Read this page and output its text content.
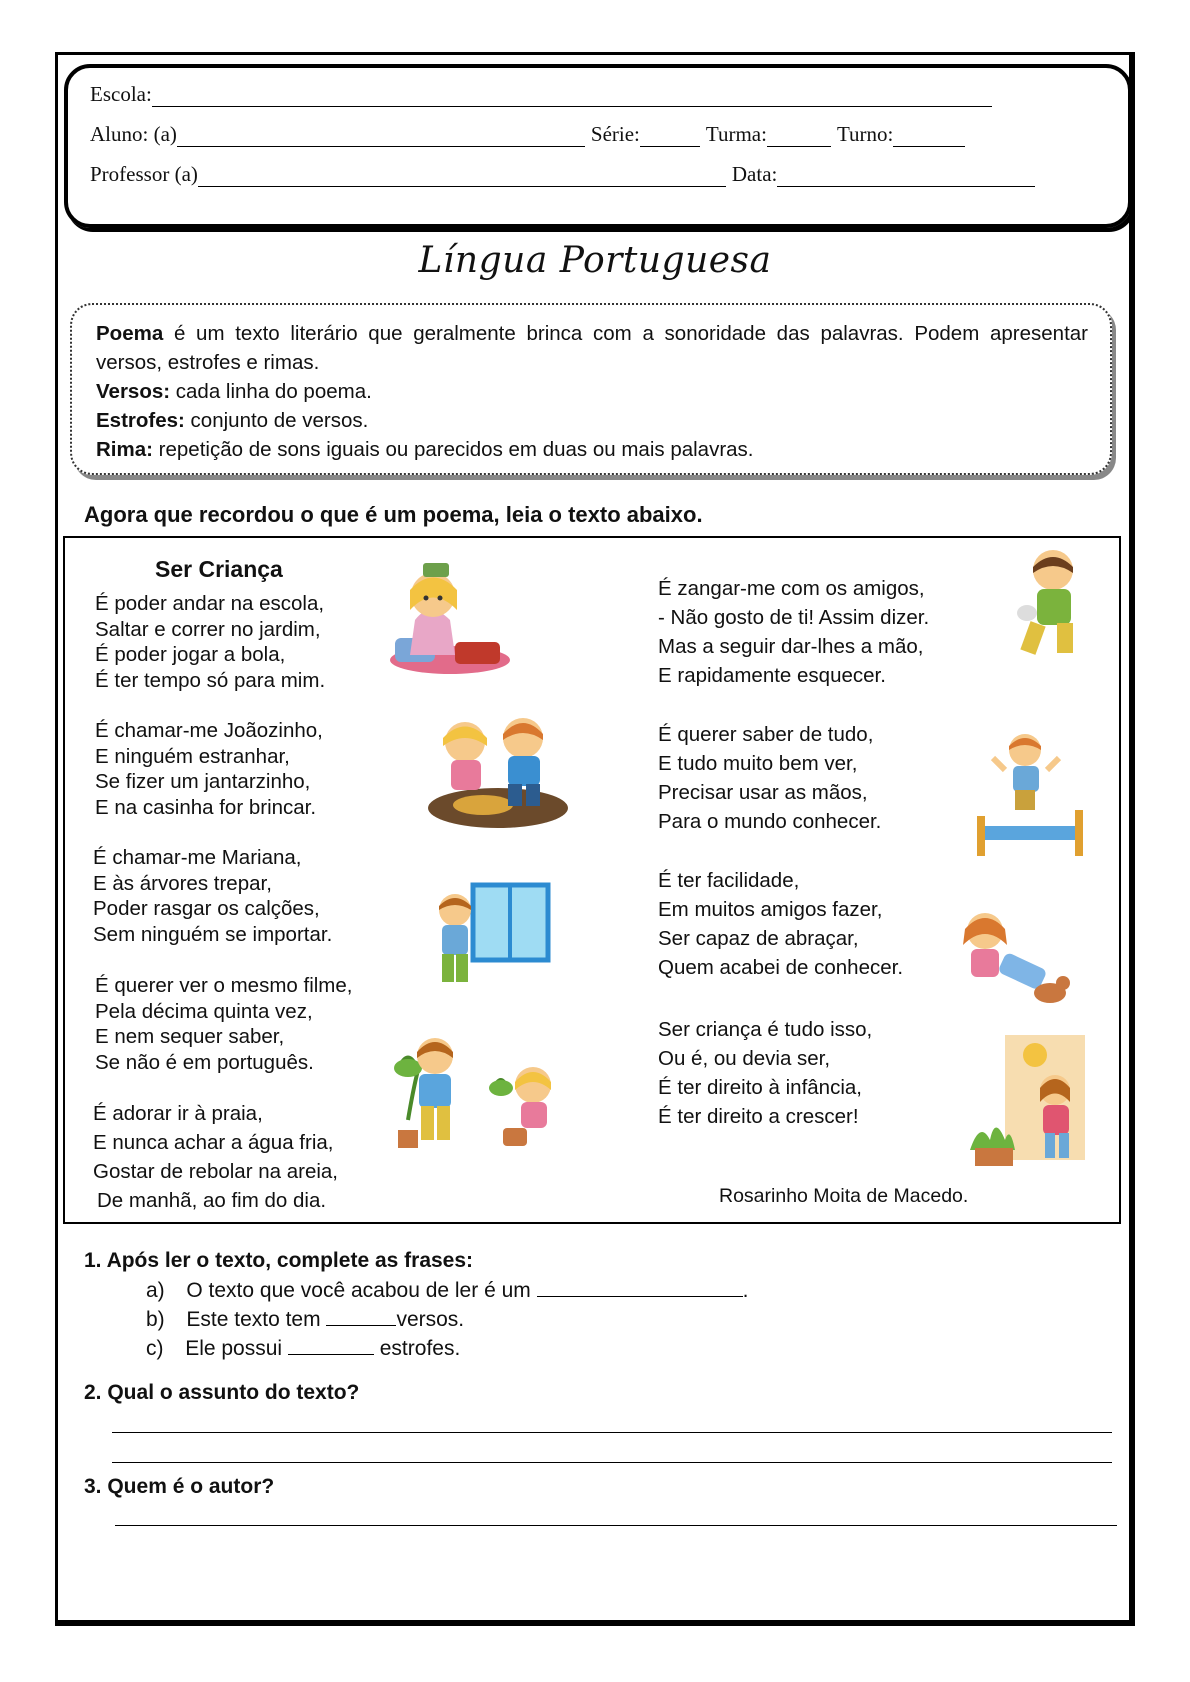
Escola:
Aluno: (a)	Série:	Turma:	Turno:
Professor (a)	Data:
Língua Portuguesa

Poema é um texto literário que geralmente brinca com a sonoridade das palavras. Podem apresentar versos, estrofes e rimas.

Versos: cada linha do poema.

Estrofes: conjunto de versos.

Rima: repetição de sons iguais ou parecidos em duas ou mais palavras.

Agora que recordou o que é um poema, leia o texto abaixo.
Ser Criança
É poder andar na escola,
Saltar e correr no jardim,
É poder jogar a bola,
É ter tempo só para mim.
É chamar-me Joãozinho,
E ninguém estranhar,
Se fizer um jantarzinho,
E na casinha for brincar.
É chamar-me Mariana,
E às árvores trepar,
Poder rasgar os calções,
Sem ninguém se importar.
É querer ver o mesmo filme,
Pela décima quinta vez,
E nem sequer saber,
Se não é em português.
É adorar ir à praia,
E nunca achar a água fria,
Gostar de rebolar na areia,
De manhã, ao fim do dia.
É zangar-me com os amigos,
- Não gosto de ti! Assim dizer.
Mas a seguir dar-lhes a mão,
E rapidamente esquecer.
É querer saber de tudo,
E tudo muito bem ver,
Precisar usar as mãos,
Para o mundo conhecer.
É ter facilidade,
Em muitos amigos fazer,
Ser capaz de abraçar,
Quem acabei de conhecer.
Ser criança é tudo isso,
Ou é, ou devia ser,
É ter direito à infância,
É ter direito a crescer!
Rosarinho Moita de Macedo.
1. Após ler o texto, complete as frases:
a) O texto que você acabou de ler é um	.
b) Este texto tem	versos.
c) Ele possui	estrofes.
2. Qual o assunto do texto?
3. Quem é o autor?
